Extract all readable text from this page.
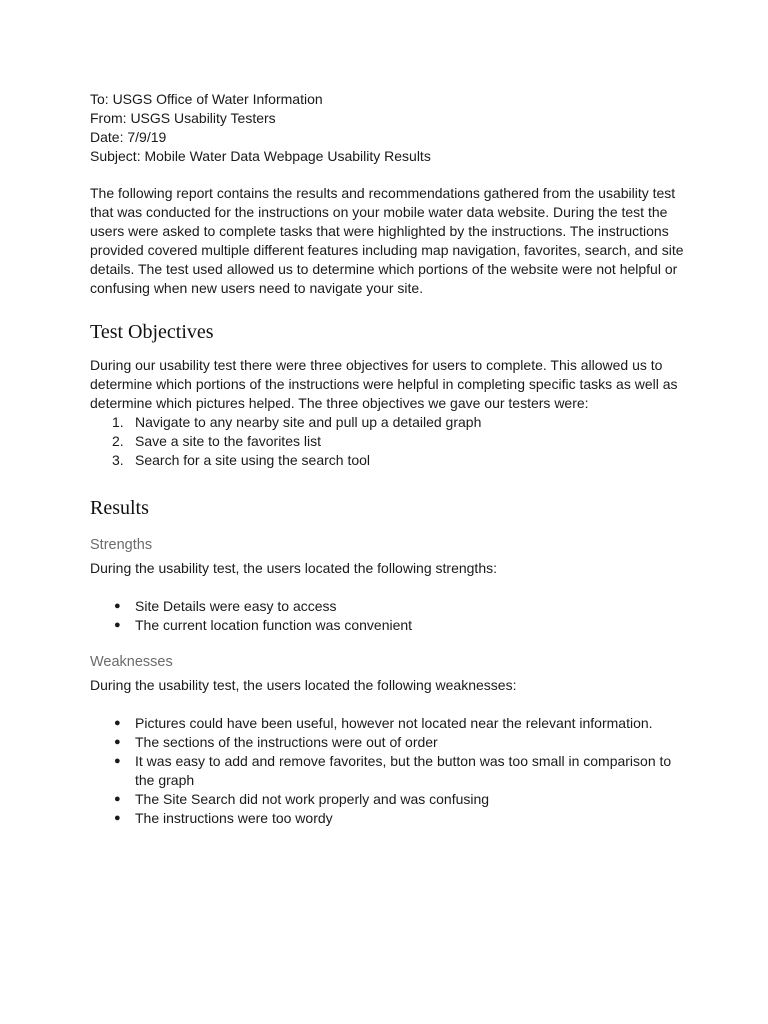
To: USGS Office of Water Information

From: USGS Usability Testers

Date: 7/9/19

Subject: Mobile Water Data Webpage Usability Results

The following report contains the results and recommendations gathered from the usability test
that was conducted for the instructions on your mobile water data website. During the test the
users were asked to complete tasks that were highlighted by the instructions. The instructions
provided covered multiple different features including map navigation, favorites, search, and site
details. The test used allowed us to determine which portions of the website were not helpful or
confusing when new users need to navigate your site.
Test Objectives
During our usability test there were three objectives for users to complete. This allowed us to
determine which portions of the instructions were helpful in completing specific tasks as well as
determine which pictures helped. The three objectives we gave our testers were:
1. Navigate to any nearby site and pull up a detailed graph
2. Save a site to the favorites list
3. Search for a site using the search tool
Results
Strengths
During the usability test, the users located the following strengths:
● Site Details were easy to access
● The current location function was convenient
Weaknesses
During the usability test, the users located the following weaknesses:
● Pictures could have been useful, however not located near the relevant information.
● The sections of the instructions were out of order
● It was easy to add and remove favorites, but the button was too small in comparison to
the graph
● The Site Search did not work properly and was confusing
● The instructions were too wordy
